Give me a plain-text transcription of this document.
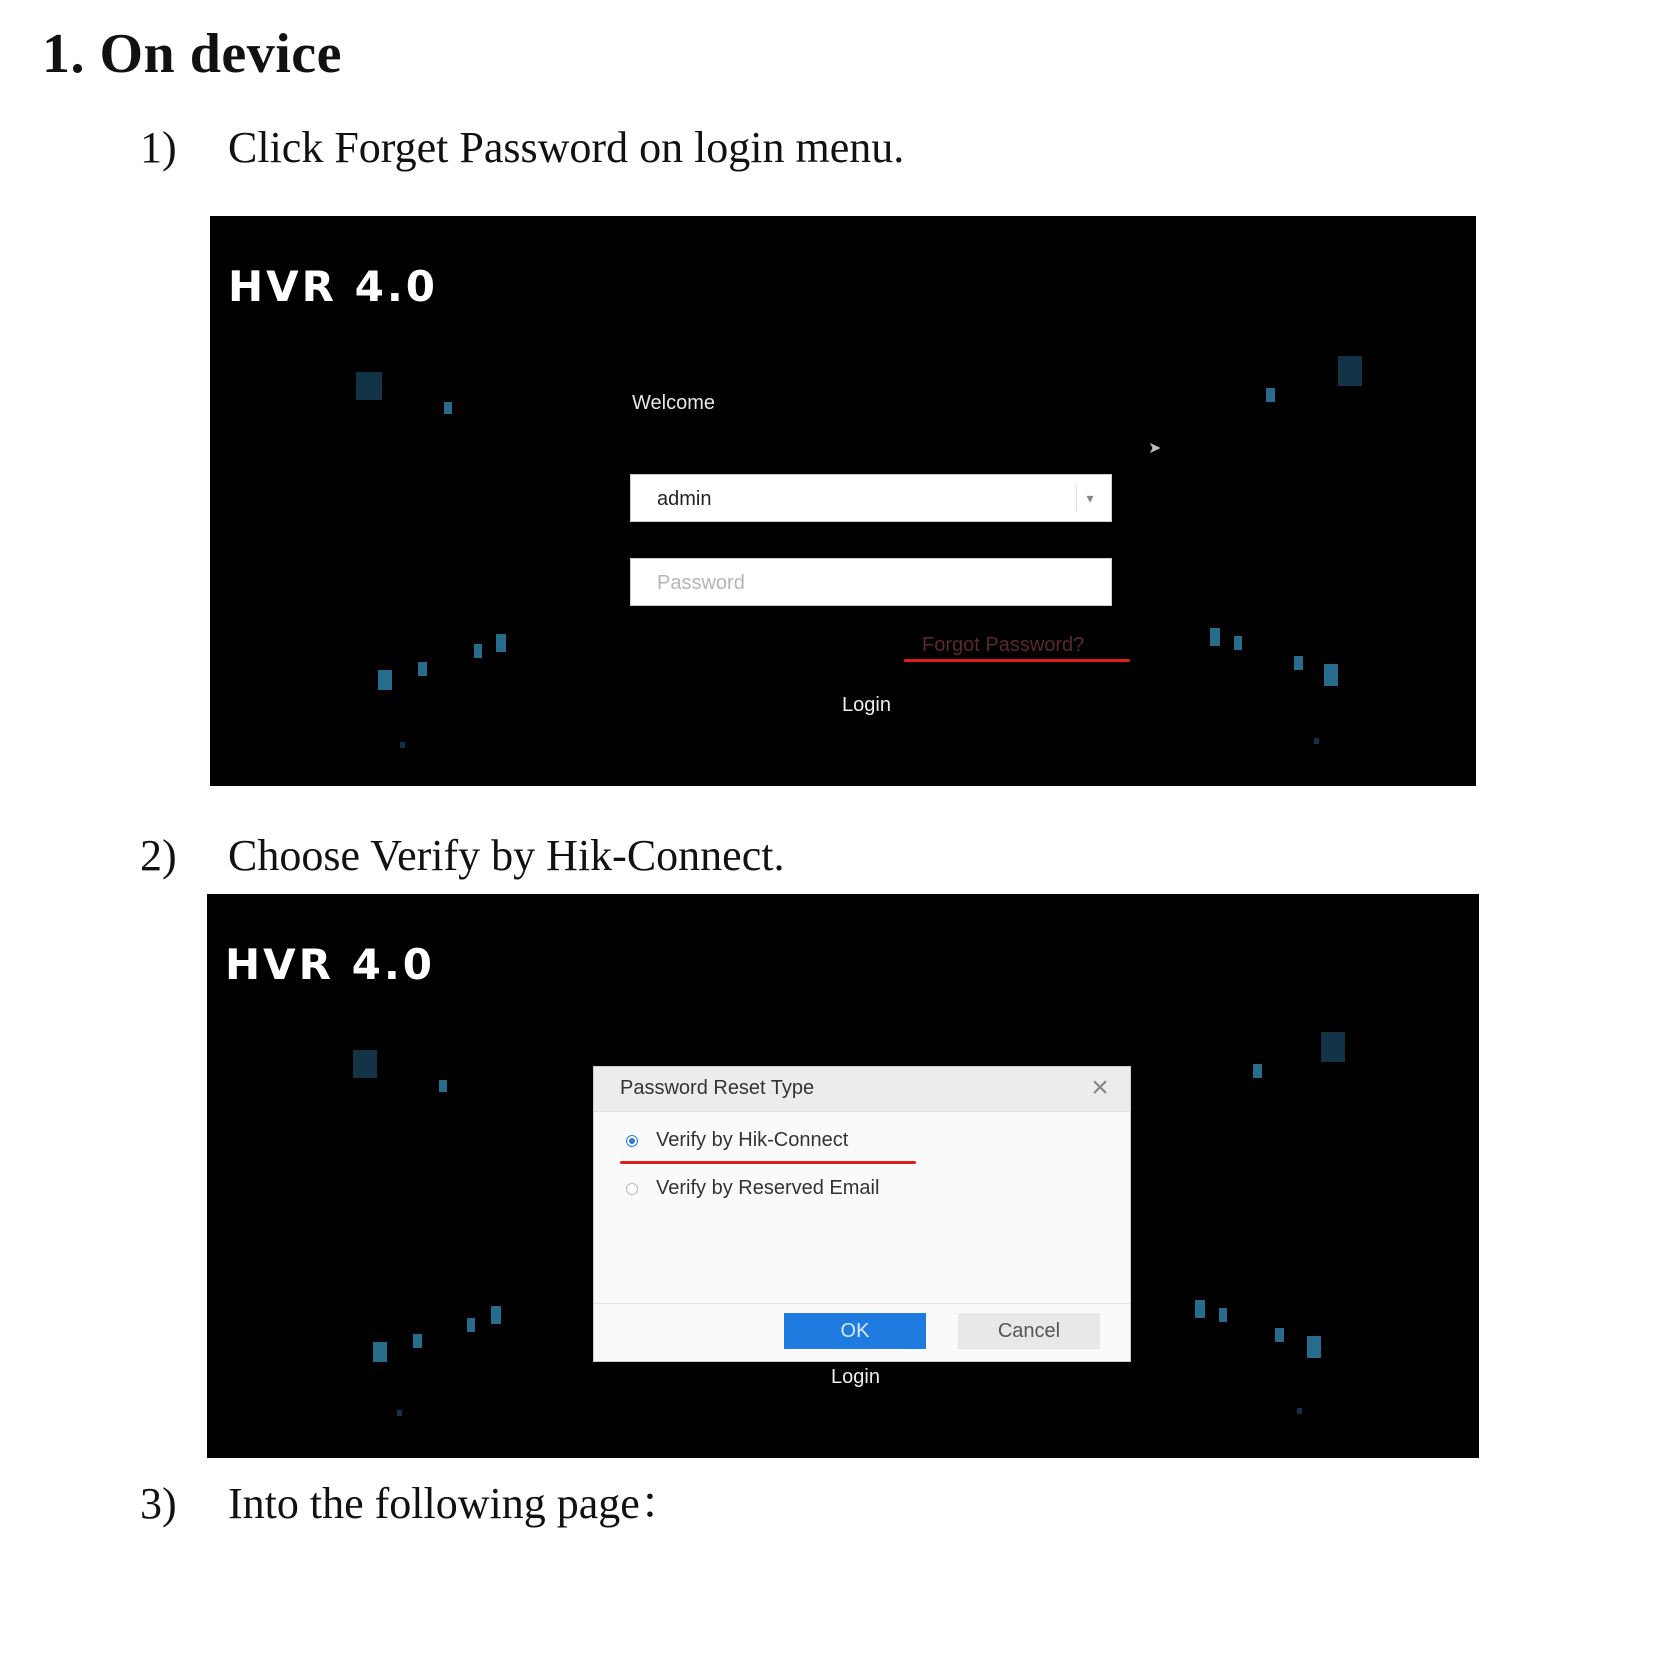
1. On device
1) Click Forget Password on login menu.
HVR 4.0
Welcome
admin	▾
Password
Forgot Password?
Login
➤
2) Choose Verify by Hik-Connect.
HVR 4.0
Password Reset Type	×
Verify by Hik-Connect
Verify by Reserved Email
OK	Cancel
Login
3) Into the following page：
